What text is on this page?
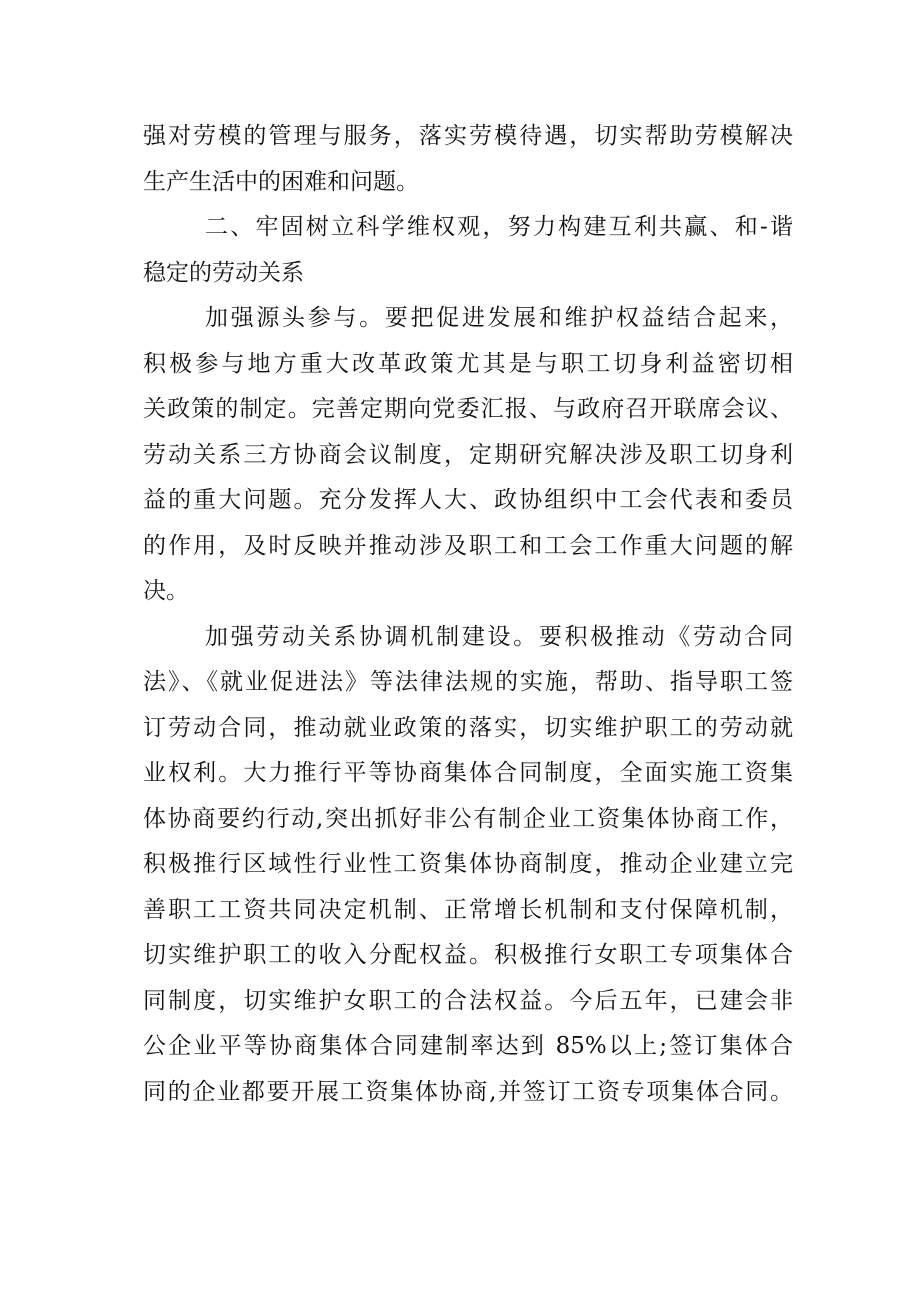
强对劳模的管理与服务，落实劳模待遇，切实帮助劳模解决
生产生活中的困难和问题。
二、牢固树立科学维权观，努力构建互利共赢、和-谐
稳定的劳动关系
加强源头参与。要把促进发展和维护权益结合起来，
积极参与地方重大改革政策尤其是与职工切身利益密切相
关政策的制定。完善定期向党委汇报、与政府召开联席会议、
劳动关系三方协商会议制度，定期研究解决涉及职工切身利
益的重大问题。充分发挥人大、政协组织中工会代表和委员
的作用，及时反映并推动涉及职工和工会工作重大问题的解
决。
加强劳动关系协调机制建设。要积极推动《劳动合同
法》、《就业促进法》等法律法规的实施，帮助、指导职工签
订劳动合同，推动就业政策的落实，切实维护职工的劳动就
业权利。大力推行平等协商集体合同制度，全面实施工资集
体协商要约行动,突出抓好非公有制企业工资集体协商工作，
积极推行区域性行业性工资集体协商制度，推动企业建立完
善职工工资共同决定机制、正常增长机制和支付保障机制，
切实维护职工的收入分配权益。积极推行女职工专项集体合
同制度，切实维护女职工的合法权益。今后五年，已建会非
公企业平等协商集体合同建制率达到 85%以上;签订集体合
同的企业都要开展工资集体协商,并签订工资专项集体合同。
